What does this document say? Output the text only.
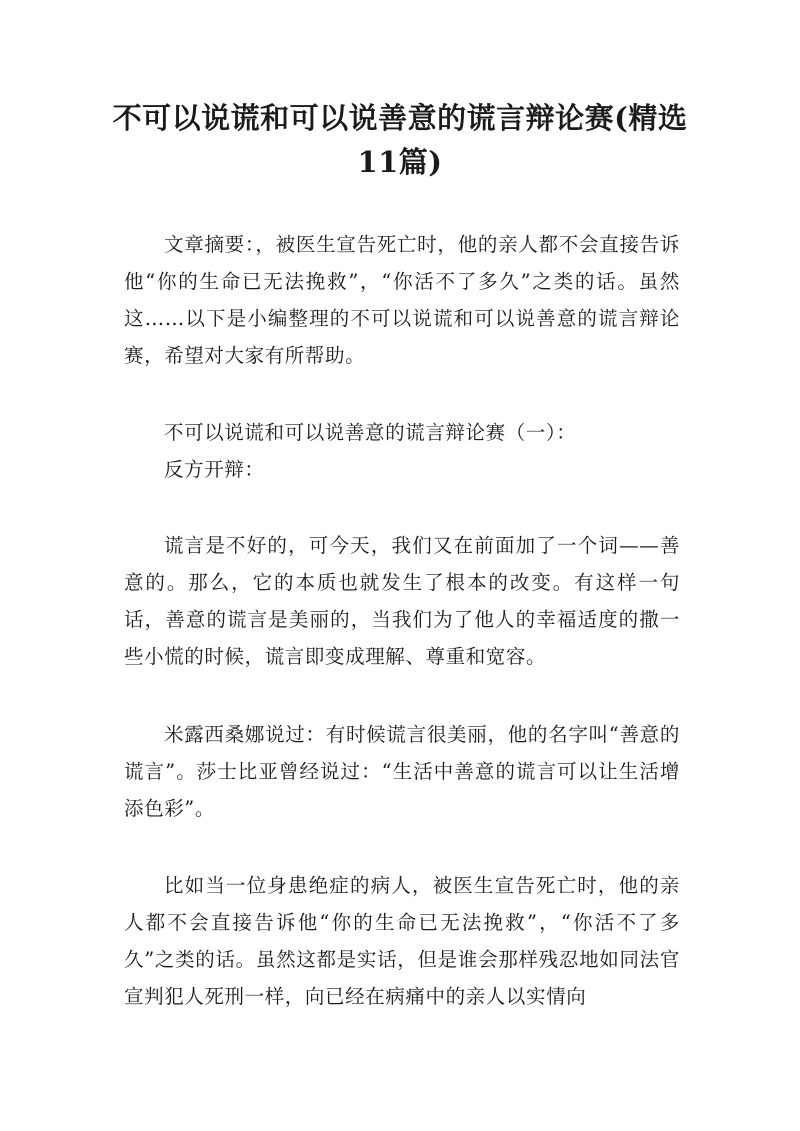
不可以说谎和可以说善意的谎言辩论赛(精选11篇)

文章摘要：，被医生宣告死亡时，他的亲人都不会直接告诉他“你的生命已无法挽救”，“你活不了多久”之类的话。虽然这……以下是小编整理的不可以说谎和可以说善意的谎言辩论赛，希望对大家有所帮助。

不可以说谎和可以说善意的谎言辩论赛（一）：

反方开辩：

谎言是不好的，可今天，我们又在前面加了一个词——善意的。那么，它的本质也就发生了根本的改变。有这样一句话，善意的谎言是美丽的，当我们为了他人的幸福适度的撒一些小慌的时候，谎言即变成理解、尊重和宽容。

米露西桑娜说过：有时候谎言很美丽，他的名字叫“善意的谎言”。莎士比亚曾经说过：“生活中善意的谎言可以让生活增添色彩”。

比如当一位身患绝症的病人，被医生宣告死亡时，他的亲人都不会直接告诉他“你的生命已无法挽救”，“你活不了多久”之类的话。虽然这都是实话，但是谁会那样残忍地如同法官宣判犯人死刑一样，向已经在病痛中的亲人以实情向
